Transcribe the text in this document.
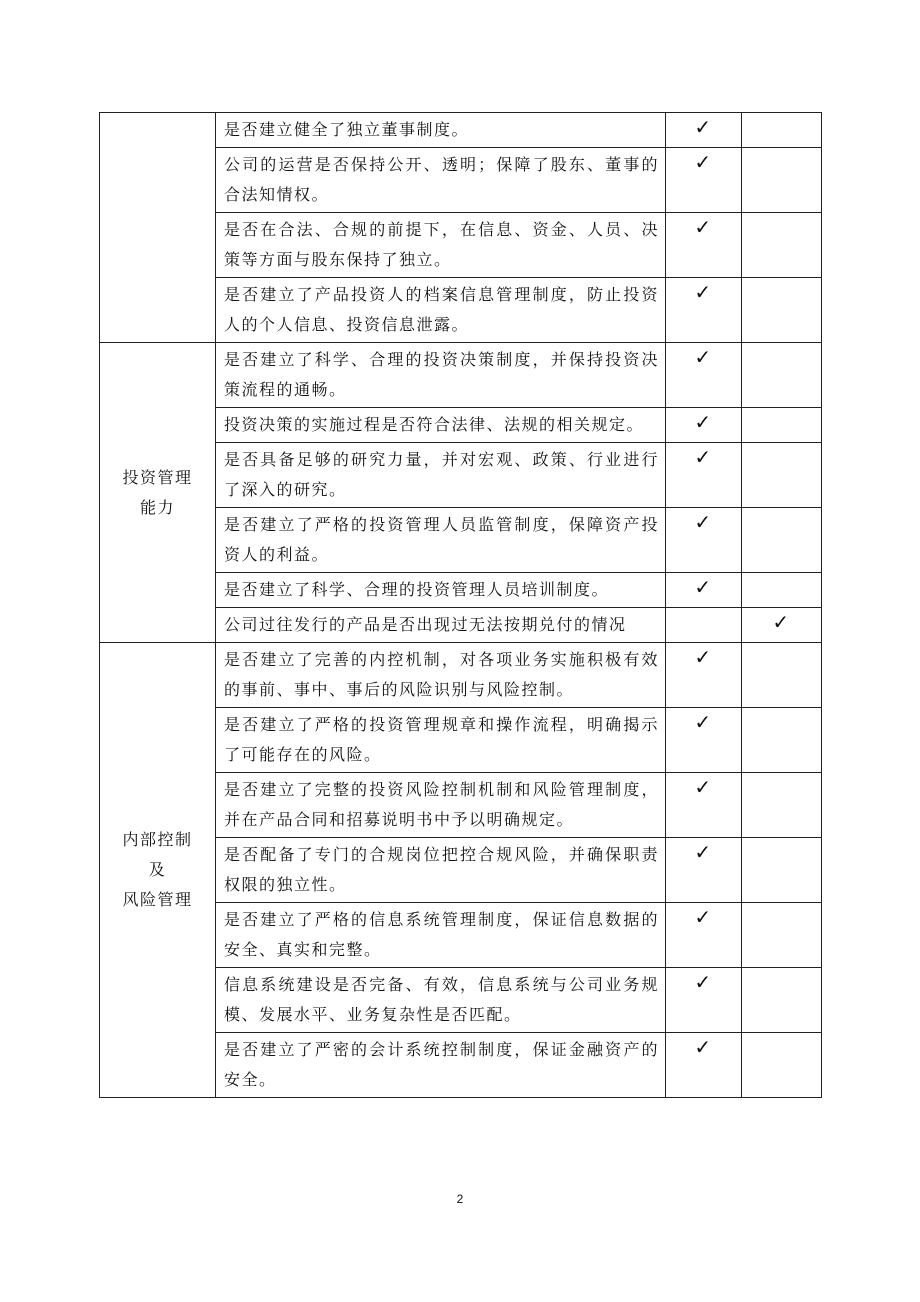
	是否建立健全了独立董事制度。	✓	
	公司的运营是否保持公开、透明；保障了股东、董事的合法知情权。	✓	
	是否在合法、合规的前提下，在信息、资金、人员、决策等方面与股东保持了独立。	✓	
	是否建立了产品投资人的档案信息管理制度，防止投资人的个人信息、投资信息泄露。	✓	

投资管理
能力	是否建立了科学、合理的投资决策制度，并保持投资决策流程的通畅。	✓	
	投资决策的实施过程是否符合法律、法规的相关规定。	✓	
	是否具备足够的研究力量，并对宏观、政策、行业进行了深入的研究。	✓	
	是否建立了严格的投资管理人员监管制度，保障资产投资人的利益。	✓	
	是否建立了科学、合理的投资管理人员培训制度。	✓	
	公司过往发行的产品是否出现过无法按期兑付的情况		✓

内部控制
及
风险管理	是否建立了完善的内控机制，对各项业务实施积极有效的事前、事中、事后的风险识别与风险控制。	✓	
	是否建立了严格的投资管理规章和操作流程，明确揭示了可能存在的风险。	✓	
	是否建立了完整的投资风险控制机制和风险管理制度，并在产品合同和招募说明书中予以明确规定。	✓	
	是否配备了专门的合规岗位把控合规风险，并确保职责权限的独立性。	✓	
	是否建立了严格的信息系统管理制度，保证信息数据的安全、真实和完整。	✓	
	信息系统建设是否完备、有效，信息系统与公司业务规模、发展水平、业务复杂性是否匹配。	✓	
	是否建立了严密的会计系统控制制度，保证金融资产的安全。	✓	
2
